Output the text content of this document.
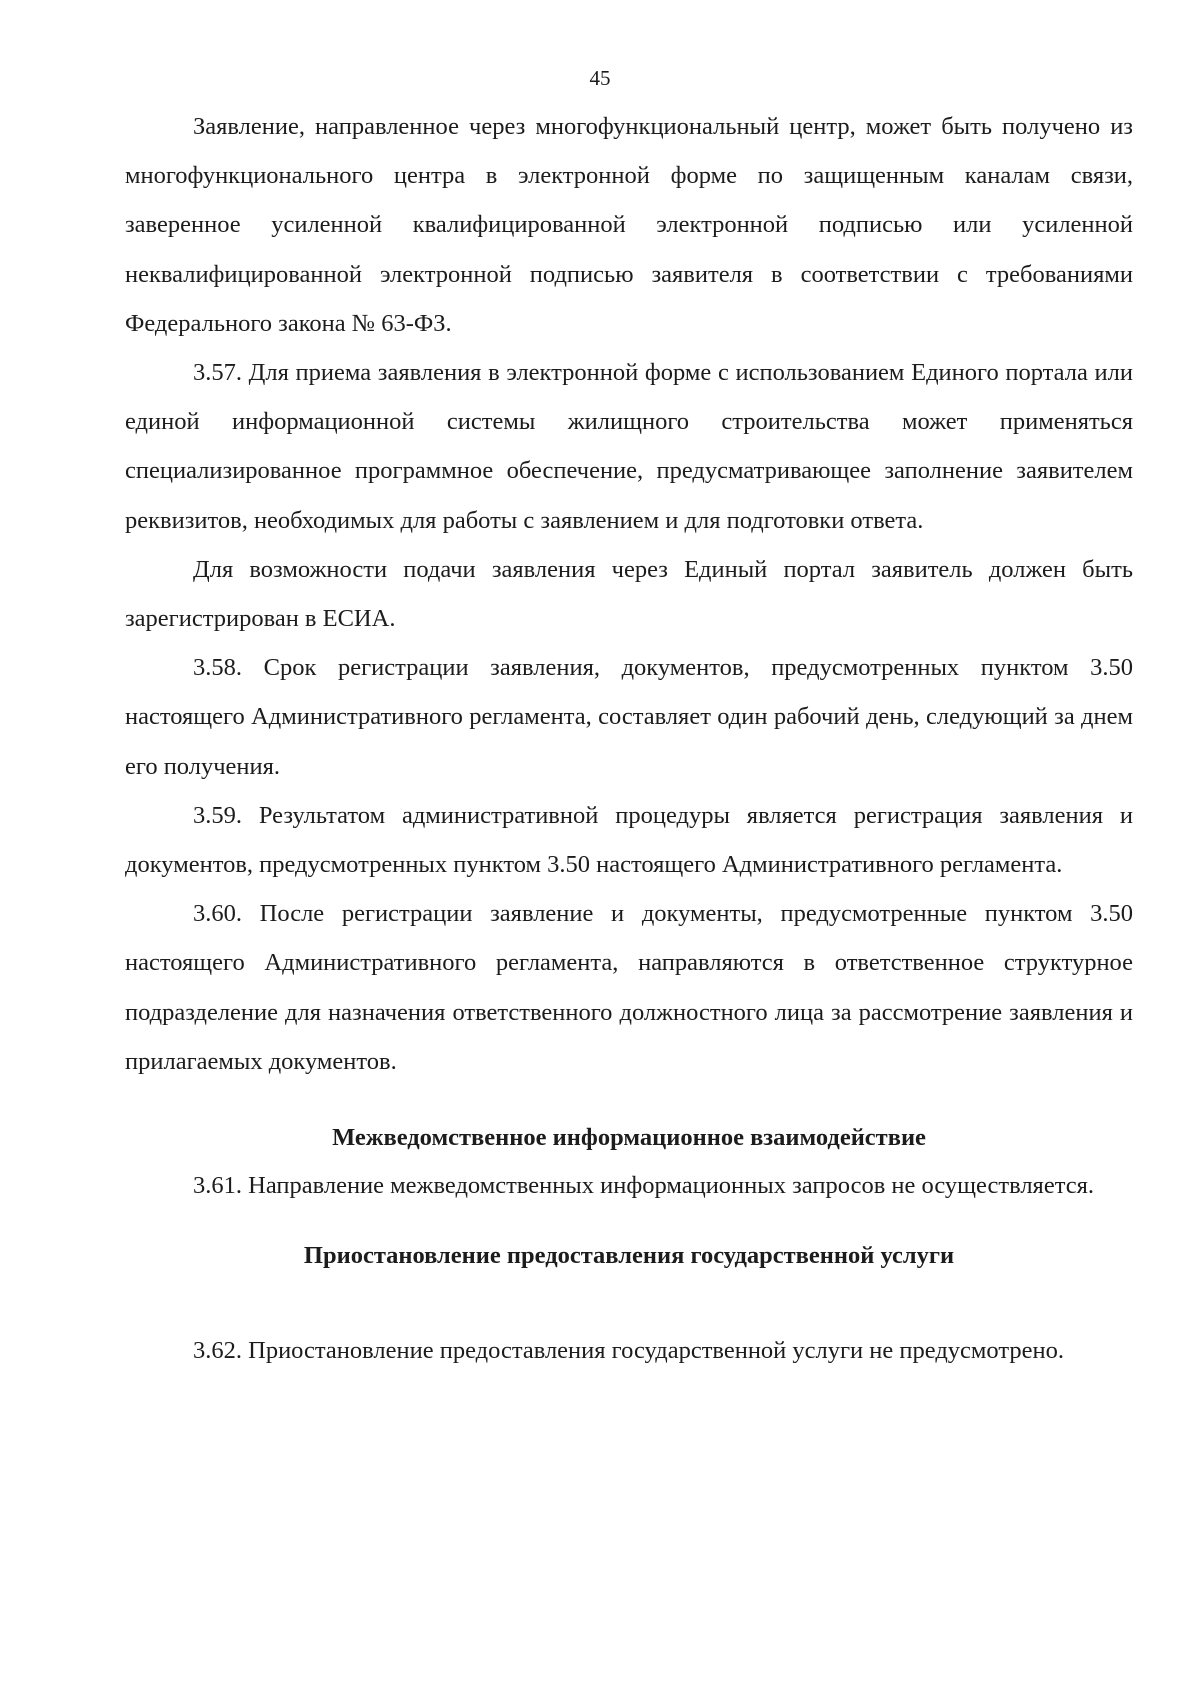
45

Заявление, направленное через многофункциональный центр, может быть получено из многофункционального центра в электронной форме по защищенным каналам связи, заверенное усиленной квалифицированной электронной подписью или усиленной неквалифицированной электронной подписью заявителя в соответствии с требованиями Федерального закона № 63-ФЗ.

3.57. Для приема заявления в электронной форме с использованием Единого портала или единой информационной системы жилищного строительства может применяться специализированное программное обеспечение, предусматривающее заполнение заявителем реквизитов, необходимых для работы с заявлением и для подготовки ответа.

Для возможности подачи заявления через Единый портал заявитель должен быть зарегистрирован в ЕСИА.

3.58. Срок регистрации заявления, документов, предусмотренных пунктом 3.50 настоящего Административного регламента, составляет один рабочий день, следующий за днем его получения.

3.59. Результатом административной процедуры является регистрация заявления и документов, предусмотренных пунктом 3.50 настоящего Административного регламента.

3.60. После регистрации заявление и документы, предусмотренные пунктом 3.50 настоящего Административного регламента, направляются в ответственное структурное подразделение для назначения ответственного должностного лица за рассмотрение заявления и прилагаемых документов.

Межведомственное информационное взаимодействие

3.61. Направление межведомственных информационных запросов не осуществляется.

Приостановление предоставления государственной услуги

3.62. Приостановление предоставления государственной услуги не предусмотрено.
